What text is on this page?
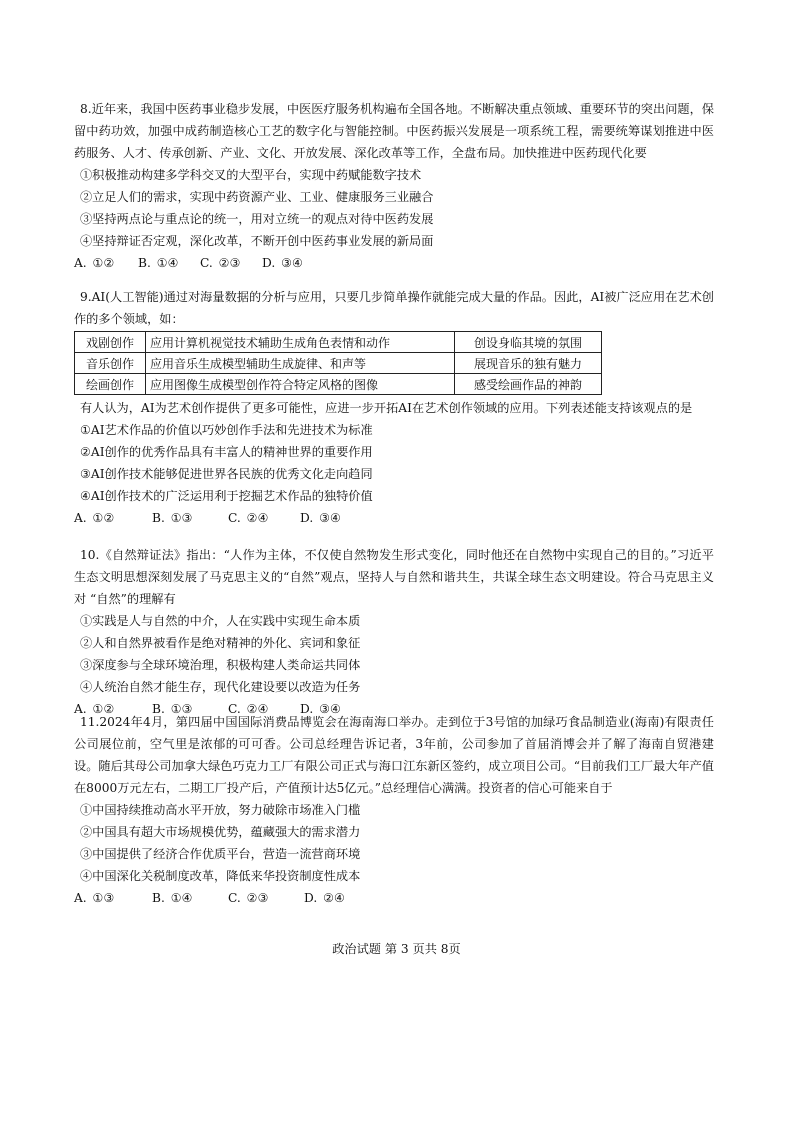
8.近年来，我国中医药事业稳步发展，中医医疗服务机构遍布全国各地。不断解决重点领域、重要环节的突出问题，保留中药功效，加强中成药制造核心工艺的数字化与智能控制。中医药振兴发展是一项系统工程，需要统筹谋划推进中医药服务、人才、传承创新、产业、文化、开放发展、深化改革等工作，全盘布局。加快推进中医药现代化要

①积极推动构建多学科交叉的大型平台，实现中药赋能数字技术
②立足人们的需求，实现中药资源产业、工业、健康服务三业融合
③坚持两点论与重点论的统一，用对立统一的观点对待中医药发展
④坚持辩证否定观，深化改革，不断开创中医药事业发展的新局面
A. ①② B. ①④ C. ②③ D. ③④

9.AI(人工智能)通过对海量数据的分析与应用，只要几步简单操作就能完成大量的作品。因此，AI被广泛应用在艺术创作的多个领域，如：

戏剧创作	应用计算机视觉技术辅助生成角色表情和动作	创设身临其境的氛围
音乐创作	应用音乐生成模型辅助生成旋律、和声等	展现音乐的独有魅力
绘画创作	应用图像生成模型创作符合特定风格的图像	感受绘画作品的神韵

有人认为，AI为艺术创作提供了更多可能性，应进一步开拓AI在艺术创作领域的应用。下列表述能支持该观点的是

①AI艺术作品的价值以巧妙创作手法和先进技术为标准
②AI创作的优秀作品具有丰富人的精神世界的重要作用
③AI创作技术能够促进世界各民族的优秀文化走向趋同
④AI创作技术的广泛运用利于挖掘艺术作品的独特价值
A. ①②	B. ①③	C. ②④	D. ③④

10.《自然辩证法》指出：“人作为主体，不仅使自然物发生形式变化，同时他还在自然物中实现自己的目的。”习近平生态文明思想深刻发展了马克思主义的“自然”观点，坚持人与自然和谐共生，共谋全球生态文明建设。符合马克思主义对 “自然”的理解有

①实践是人与自然的中介，人在实践中实现生命本质
②人和自然界被看作是绝对精神的外化、宾词和象征
③深度参与全球环境治理，积极构建人类命运共同体
④人统治自然才能生存，现代化建设要以改造为任务
A. ①②	B. ①③	C. ②④	D. ③④

11.2024年4月，第四届中国国际消费品博览会在海南海口举办。走到位于3号馆的加绿巧食品制造业(海南)有限责任公司展位前，空气里是浓郁的可可香。公司总经理告诉记者，3年前，公司参加了首届消博会并了解了海南自贸港建设。随后其母公司加拿大绿色巧克力工厂有限公司正式与海口江东新区签约，成立项目公司。“目前我们工厂最大年产值在8000万元左右，二期工厂投产后，产值预计达5亿元。”总经理信心满满。投资者的信心可能来自于

①中国持续推动高水平开放，努力破除市场准入门槛
②中国具有超大市场规模优势，蕴藏强大的需求潜力
③中国提供了经济合作优质平台，营造一流营商环境
④中国深化关税制度改革，降低来华投资制度性成本
A. ①③	B. ①④	C. ②③	D. ②④
政治试题 第 3 页共 8页
